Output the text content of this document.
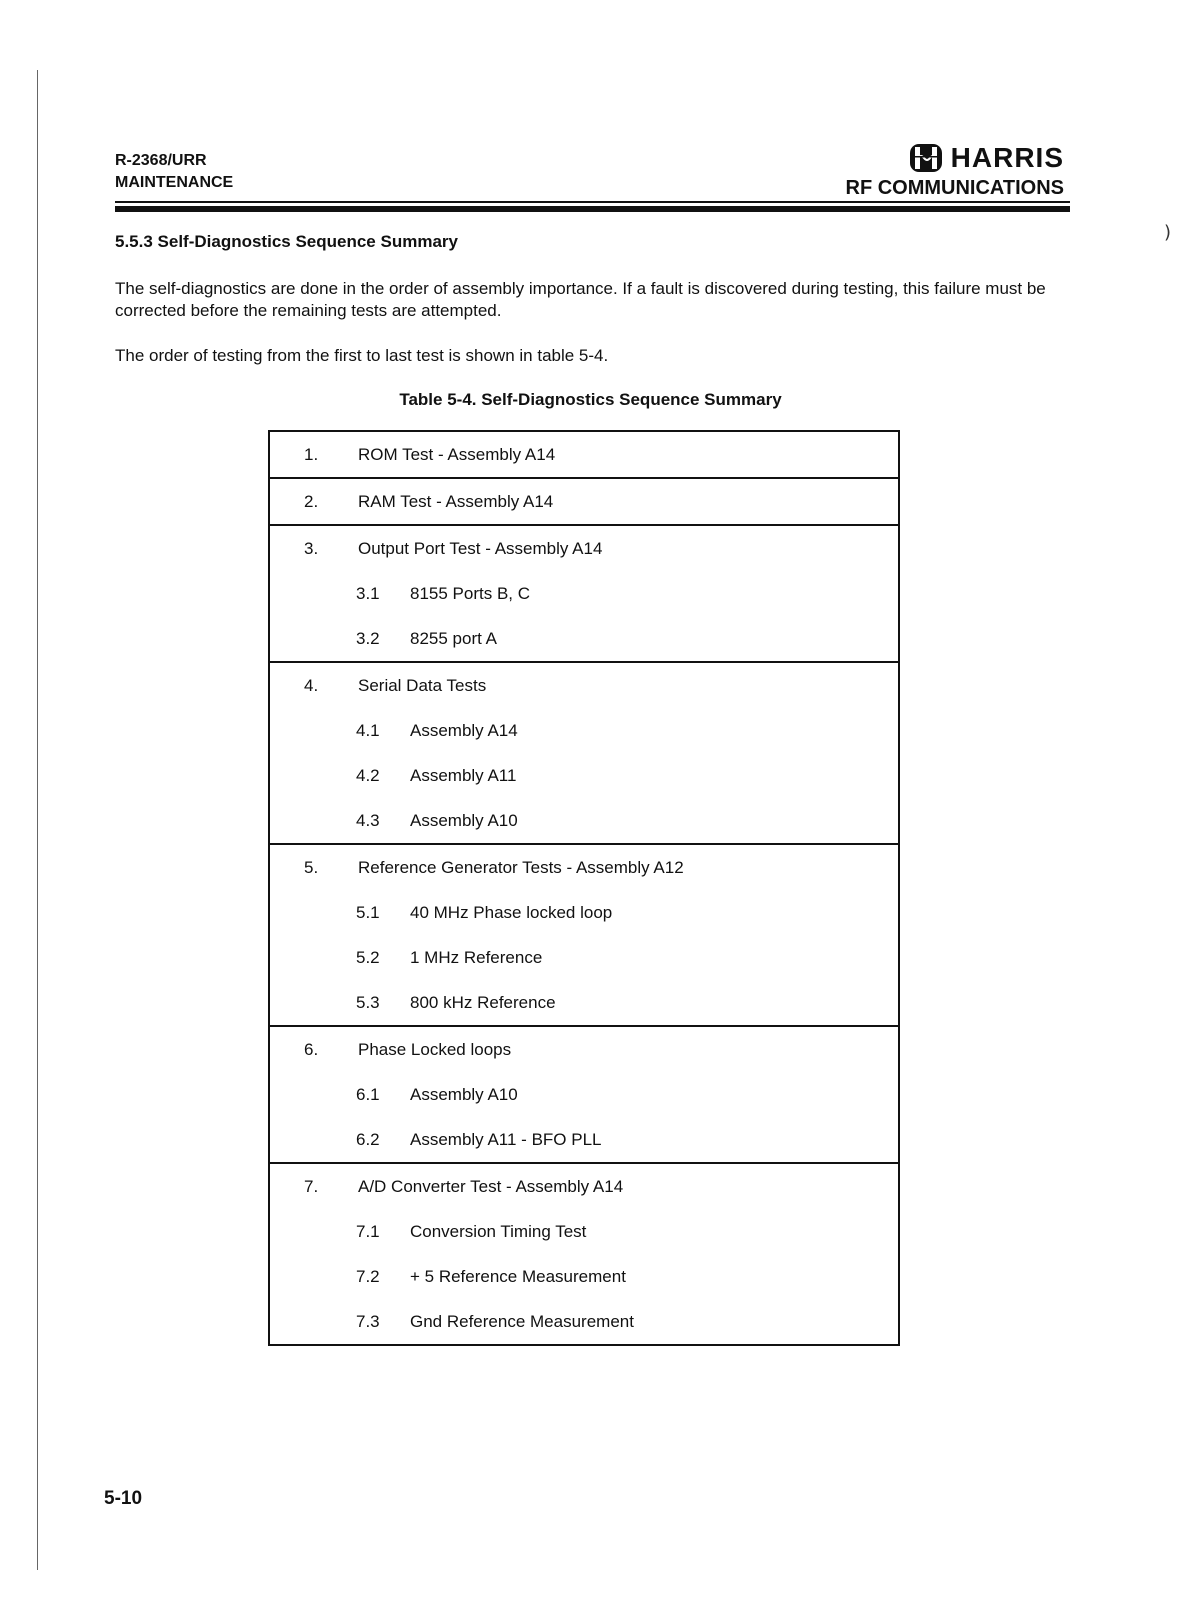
)
R-2368/URR
MAINTENANCE
HARRIS
RF COMMUNICATIONS
5.5.3 Self-Diagnostics Sequence Summary
The self-diagnostics are done in the order of assembly importance. If a fault is discovered during testing, this failure must be corrected before the remaining tests are attempted.
The order of testing from the first to last test is shown in table 5-4.
Table 5-4. Self-Diagnostics Sequence Summary
1.	ROM Test - Assembly A14
2.	RAM Test - Assembly A14
3.	Output Port Test - Assembly A14
3.1	8155 Ports B, C
3.2	8255 port A
4.	Serial Data Tests
4.1	Assembly A14
4.2	Assembly A11
4.3	Assembly A10
5.	Reference Generator Tests - Assembly A12
5.1	40 MHz Phase locked loop
5.2	1 MHz Reference
5.3	800 kHz Reference
6.	Phase Locked loops
6.1	Assembly A10
6.2	Assembly A11 - BFO PLL
7.	A/D Converter Test - Assembly A14
7.1	Conversion Timing Test
7.2	+ 5 Reference Measurement
7.3	Gnd Reference Measurement
5-10
